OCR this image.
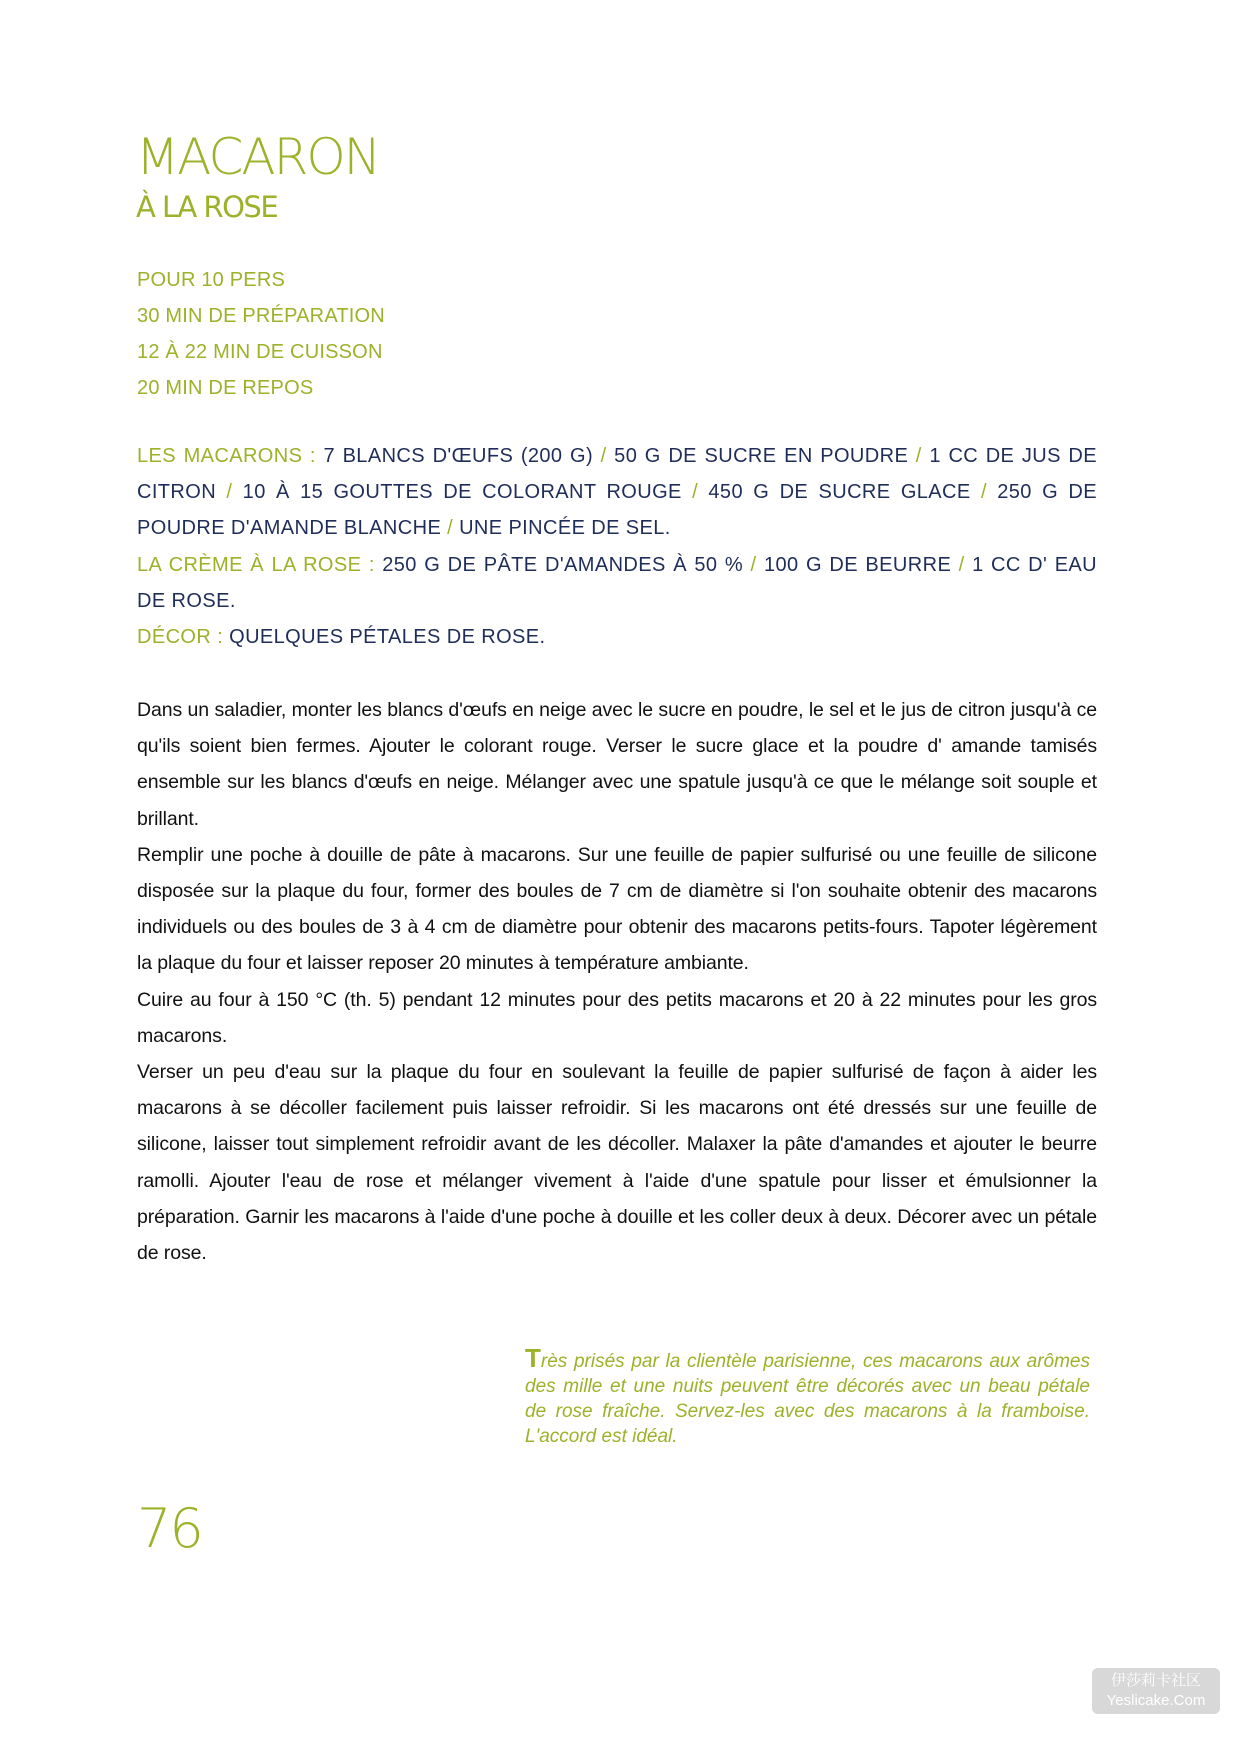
MACARON
À LA ROSE
POUR 10 PERS
30 MIN DE PRÉPARATION
12 À 22 MIN DE CUISSON
20 MIN DE REPOS

LES MACARONS : 7 BLANCS D'ŒUFS (200 G) / 50 G DE SUCRE EN POUDRE / 1 CC DE JUS DE CITRON / 10 À 15 GOUTTES DE COLORANT ROUGE / 450 G DE SUCRE GLACE / 250 G DE POUDRE D'AMANDE BLANCHE / UNE PINCÉE DE SEL.

LA CRÈME À LA ROSE : 250 G DE PÂTE D'AMANDES À 50 % / 100 G DE BEURRE / 1 CC D' EAU DE ROSE.

DÉCOR : QUELQUES PÉTALES DE ROSE.

Dans un saladier, monter les blancs d'œufs en neige avec le sucre en poudre, le sel et le jus de citron jusqu'à ce qu'ils soient bien fermes. Ajouter le colorant rouge. Verser le sucre glace et la poudre d' amande tamisés ensemble sur les blancs d'œufs en neige. Mélanger avec une spatule jusqu'à ce que le mélange soit souple et brillant.

Remplir une poche à douille de pâte à macarons. Sur une feuille de papier sulfurisé ou une feuille de silicone disposée sur la plaque du four, former des boules de 7 cm de diamètre si l'on souhaite obtenir des macarons individuels ou des boules de 3 à 4 cm de diamètre pour obtenir des macarons petits-fours. Tapoter légèrement la plaque du four et laisser reposer 20 minutes à température ambiante.

Cuire au four à 150 °C (th. 5) pendant 12 minutes pour des petits macarons et 20 à 22 minutes pour les gros macarons.

Verser un peu d'eau sur la plaque du four en soulevant la feuille de papier sulfurisé de façon à aider les macarons à se décoller facilement puis laisser refroidir. Si les macarons ont été dressés sur une feuille de silicone, laisser tout simplement refroidir avant de les décoller. Malaxer la pâte d'amandes et ajouter le beurre ramolli. Ajouter l'eau de rose et mélanger vivement à l'aide d'une spatule pour lisser et émulsionner la préparation. Garnir les macarons à l'aide d'une poche à douille et les coller deux à deux. Décorer avec un pétale de rose.

Très prisés par la clientèle parisienne, ces macarons aux arômes des mille et une nuits peuvent être décorés avec un beau pétale de rose fraîche. Servez-les avec des macarons à la framboise. L'accord est idéal.
76
伊莎莉卡社区
Yeslicake.Com
